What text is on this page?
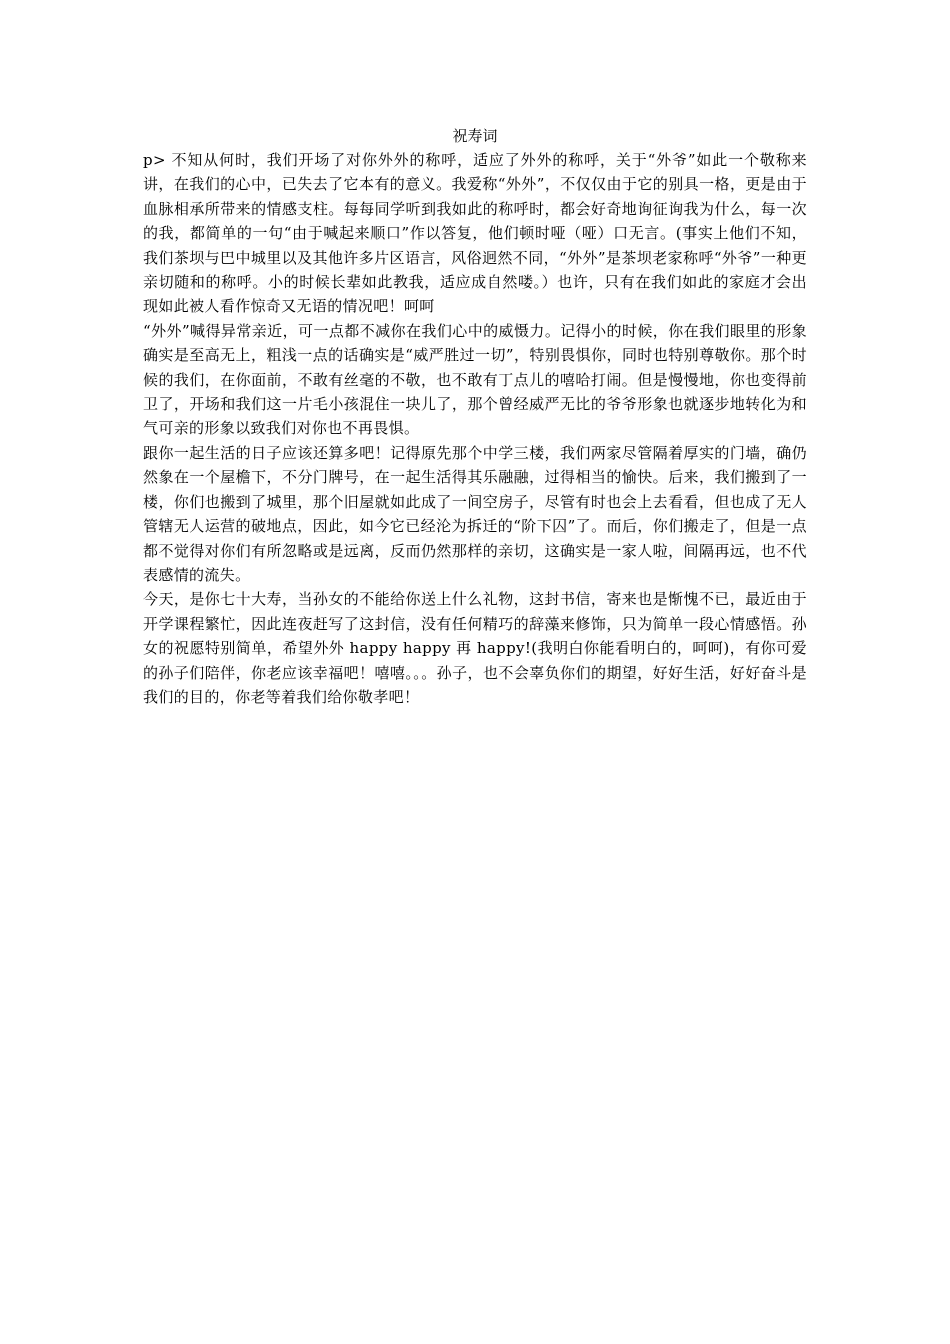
祝寿词

p> 不知从何时，我们开场了对你外外的称呼，适应了外外的称呼，关于“外爷”如此一个敬称来讲，在我们的心中，已失去了它本有的意义。我爱称“外外”，不仅仅由于它的别具一格，更是由于血脉相承所带来的情感支柱。每每同学听到我如此的称呼时，都会好奇地询征询我为什么，每一次的我，都简单的一句“由于喊起来顺口”作以答复，他们顿时哑（哑）口无言。(事实上他们不知，我们茶坝与巴中城里以及其他许多片区语言，风俗迥然不同，“外外”是茶坝老家称呼“外爷”一种更亲切随和的称呼。小的时候长辈如此教我，适应成自然喽。）也许，只有在我们如此的家庭才会出现如此被人看作惊奇又无语的情况吧！呵呵

“外外”喊得异常亲近，可一点都不减你在我们心中的威慑力。记得小的时候，你在我们眼里的形象确实是至高无上，粗浅一点的话确实是“威严胜过一切”，特别畏惧你，同时也特别尊敬你。那个时候的我们，在你面前，不敢有丝毫的不敬，也不敢有丁点儿的嘻哈打闹。但是慢慢地，你也变得前卫了，开场和我们这一片毛小孩混住一块儿了，那个曾经威严无比的爷爷形象也就逐步地转化为和气可亲的形象以致我们对你也不再畏惧。

跟你一起生活的日子应该还算多吧！记得原先那个中学三楼，我们两家尽管隔着厚实的门墙，确仍然象在一个屋檐下，不分门牌号，在一起生活得其乐融融，过得相当的愉快。后来，我们搬到了一楼，你们也搬到了城里，那个旧屋就如此成了一间空房子，尽管有时也会上去看看，但也成了无人管辖无人运营的破地点，因此，如今它已经沦为拆迁的“阶下囚”了。而后，你们搬走了，但是一点都不觉得对你们有所忽略或是远离，反而仍然那样的亲切，这确实是一家人啦，间隔再远，也不代表感情的流失。

今天，是你七十大寿，当孙女的不能给你送上什么礼物，这封书信，寄来也是惭愧不已，最近由于开学课程繁忙，因此连夜赶写了这封信，没有任何精巧的辞藻来修饰，只为简单一段心情感悟。孙女的祝愿特别简单，希望外外 happy happy 再 happy!(我明白你能看明白的，呵呵)，有你可爱的孙子们陪伴，你老应该幸福吧！嘻嘻。。。孙子，也不会辜负你们的期望，好好生活，好好奋斗是我们的目的，你老等着我们给你敬孝吧！
